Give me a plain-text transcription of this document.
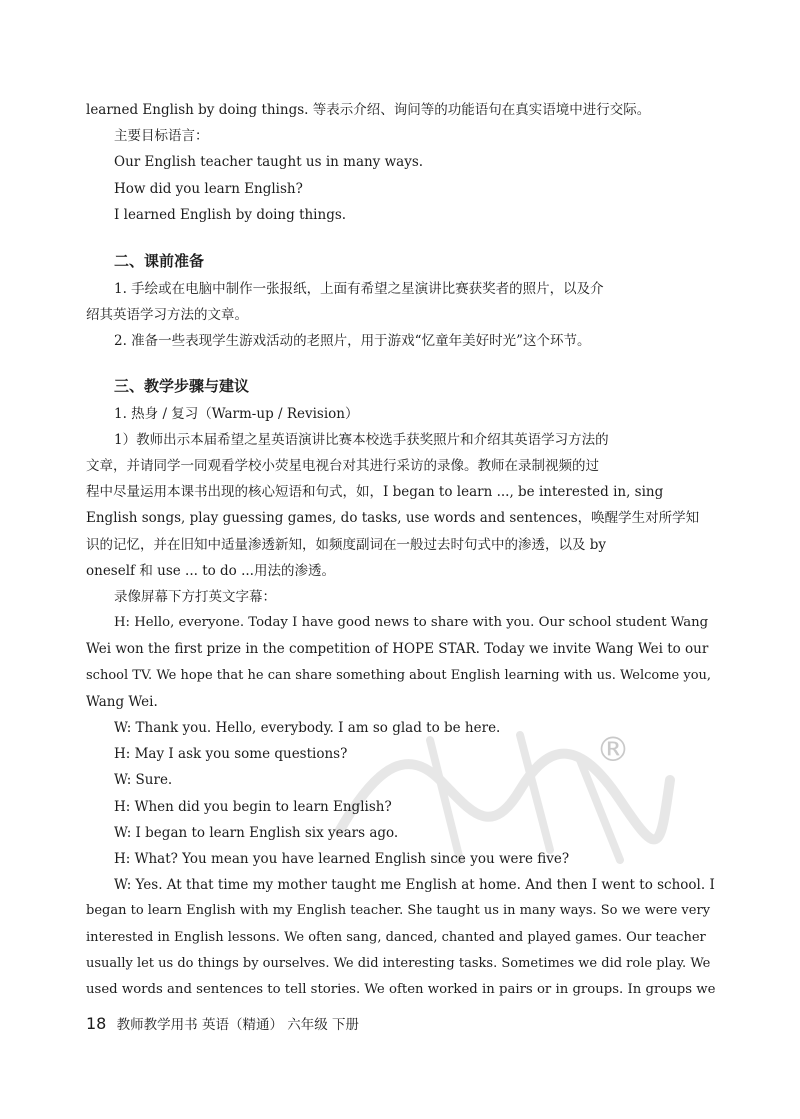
®
learned English by doing things. 等表示介绍、询问等的功能语句在真实语境中进行交际。
主要目标语言：
Our English teacher taught us in many ways.
How did you learn English?
I learned English by doing things.
二、课前准备
1. 手绘或在电脑中制作一张报纸，上面有希望之星演讲比赛获奖者的照片，以及介
绍其英语学习方法的文章。
2. 准备一些表现学生游戏活动的老照片，用于游戏“忆童年美好时光”这个环节。
三、教学步骤与建议
1. 热身 / 复习（Warm-up / Revision）
1）教师出示本届希望之星英语演讲比赛本校选手获奖照片和介绍其英语学习方法的
文章，并请同学一同观看学校小荧星电视台对其进行采访的录像。教师在录制视频的过
程中尽量运用本课书出现的核心短语和句式，如，I began to learn ..., be interested in, sing
English songs, play guessing games, do tasks, use words and sentences，唤醒学生对所学知
识的记忆，并在旧知中适量渗透新知，如频度副词在一般过去时句式中的渗透，以及 by
oneself 和 use ... to do ...用法的渗透。
录像屏幕下方打英文字幕：
H: Hello, everyone. Today I have good news to share with you. Our school student Wang
Wei won the first prize in the competition of HOPE STAR. Today we invite Wang Wei to our
school TV. We hope that he can share something about English learning with us. Welcome you,
Wang Wei.
W: Thank you. Hello, everybody. I am so glad to be here.
H: May I ask you some questions?
W: Sure.
H: When did you begin to learn English?
W: I began to learn English six years ago.
H: What? You mean you have learned English since you were five?
W: Yes. At that time my mother taught me English at home. And then I went to school. I
began to learn English with my English teacher. She taught us in many ways. So we were very
interested in English lessons. We often sang, danced, chanted and played games. Our teacher
usually let us do things by ourselves. We did interesting tasks. Sometimes we did role play. We
used words and sentences to tell stories. We often worked in pairs or in groups. In groups we
18 教师教学用书 英语（精通） 六年级 下册
